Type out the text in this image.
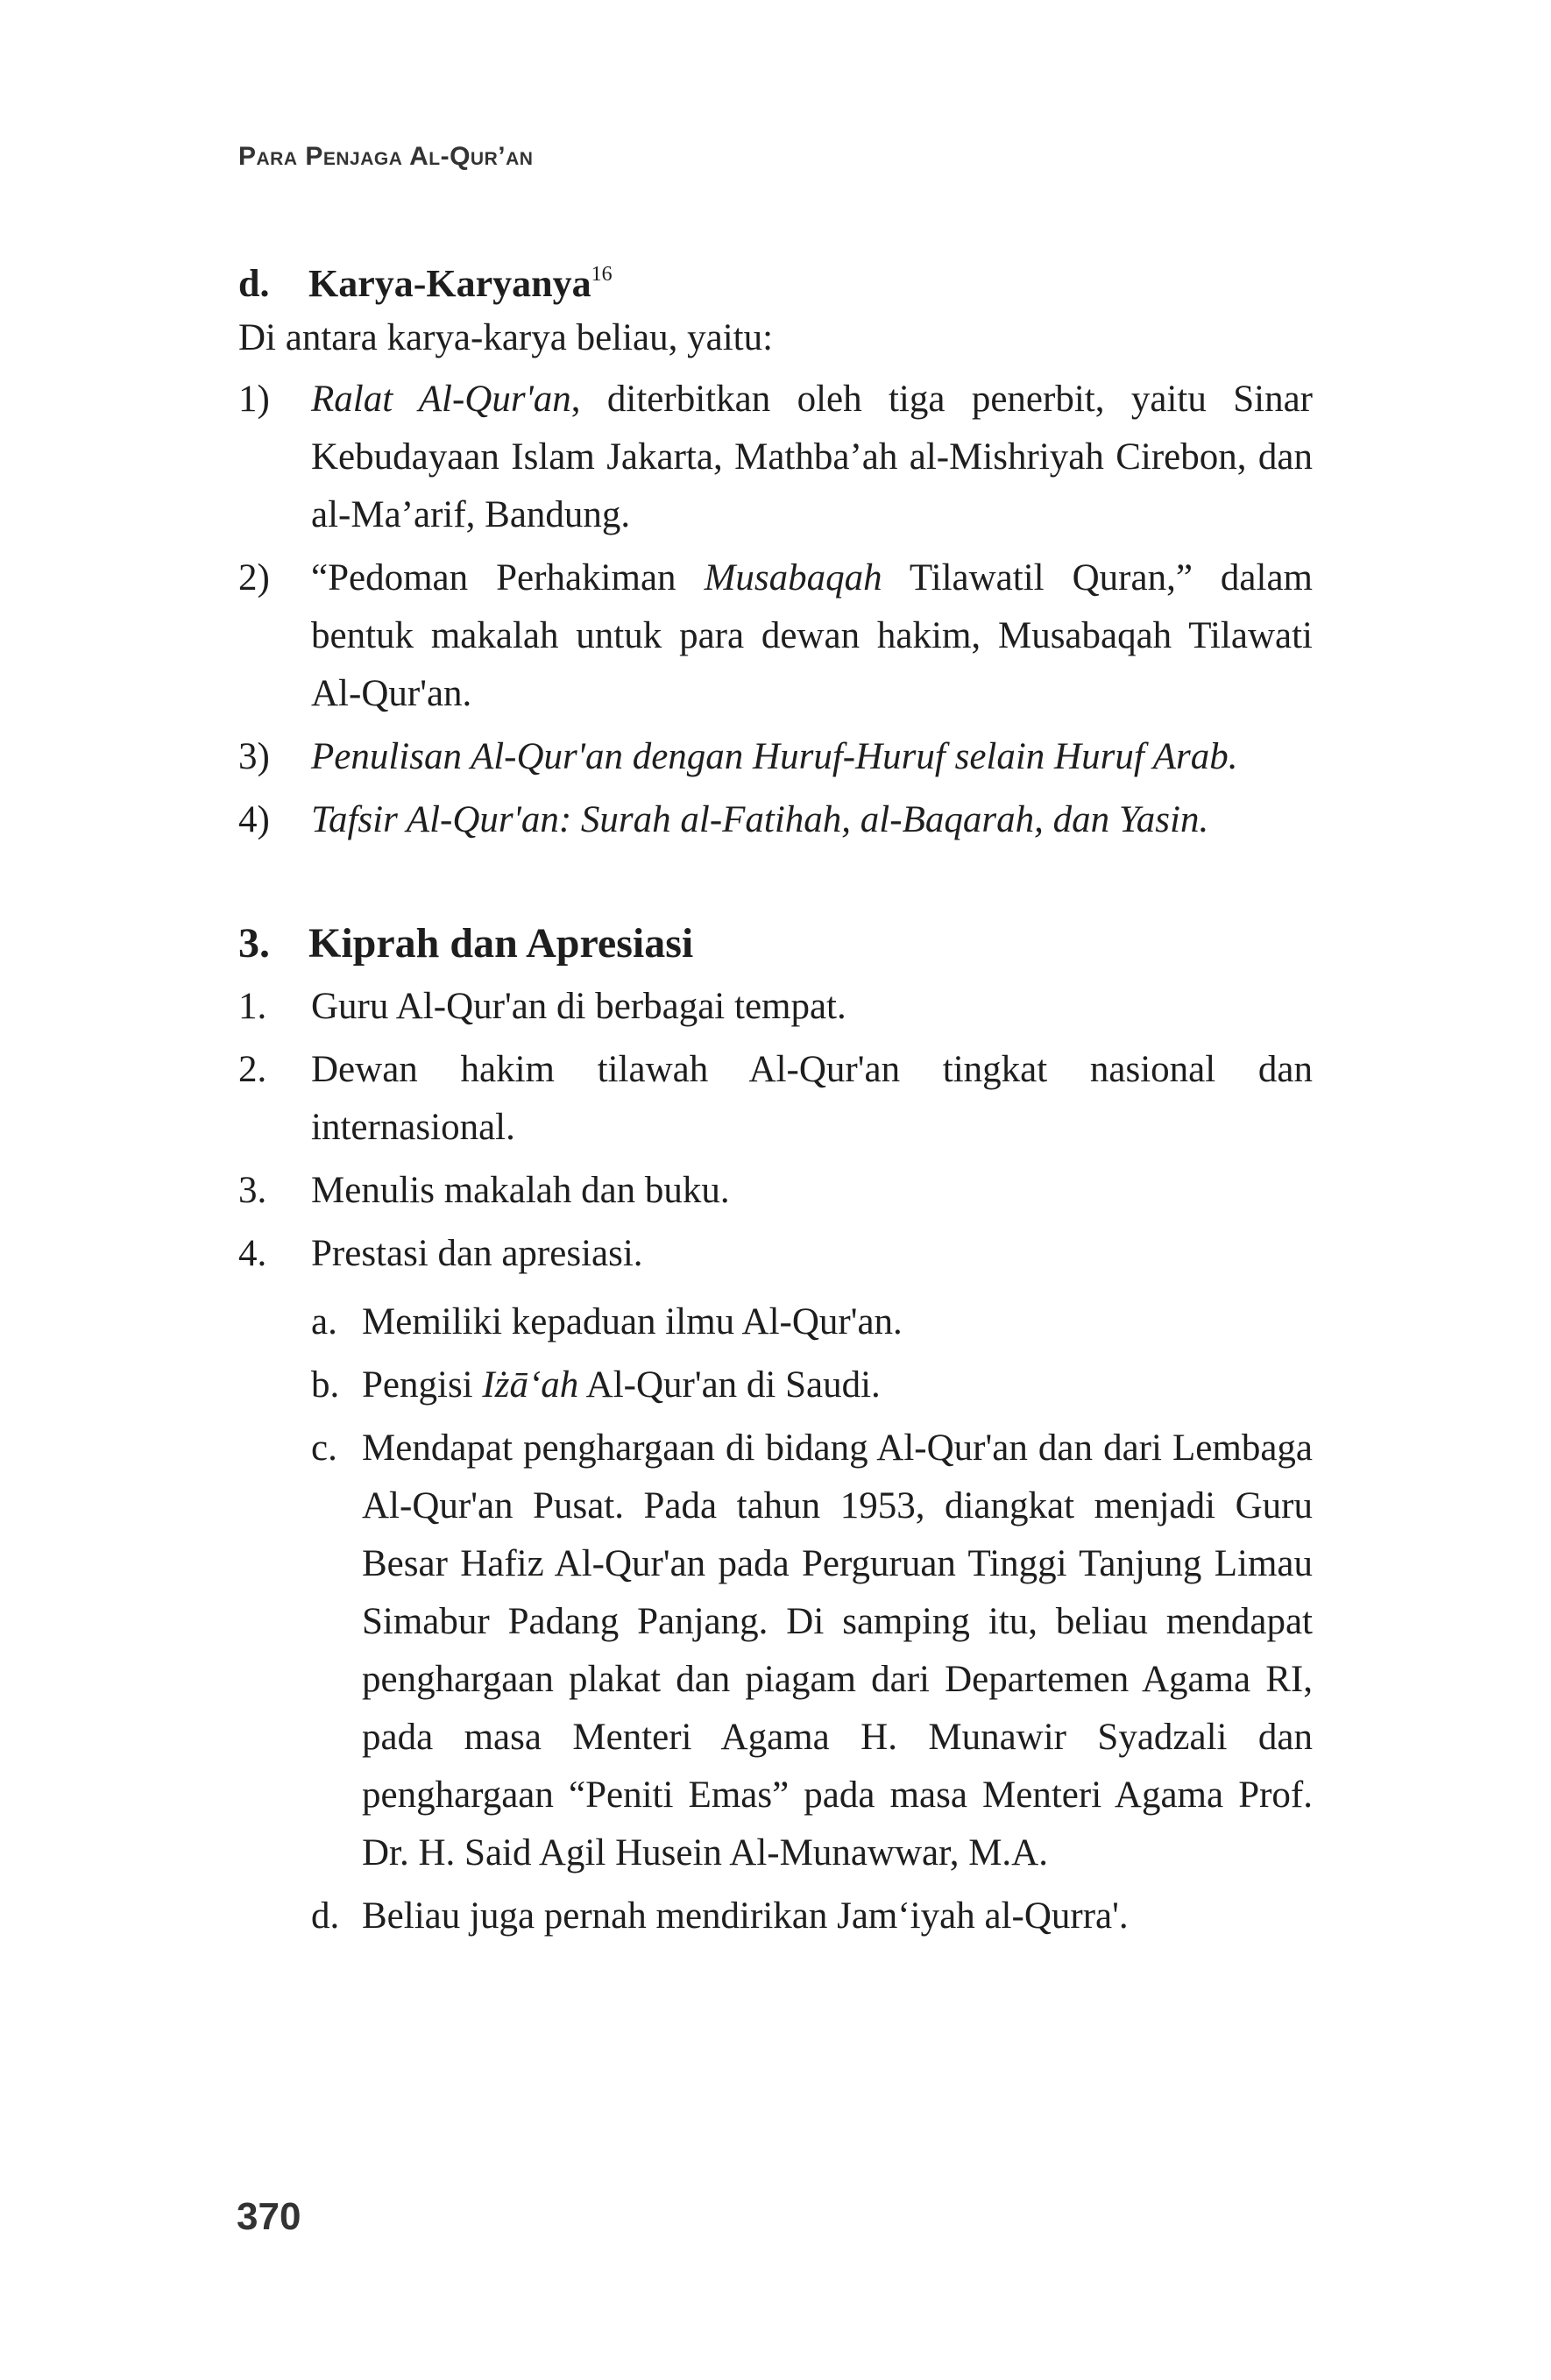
Para Penjaga Al-Qur’an
d. Karya-Karyanya$^{16}$
Di antara karya-karya beliau, yaitu:
1) Ralat Al-Qur'an, diterbitkan oleh tiga penerbit, yaitu Sinar Kebudayaan Islam Jakarta, Mathba’ah al-Mishriyah Cirebon, dan al-Ma’arif, Bandung.
2) “Pedoman Perhakiman Musabaqah Tilawatil Quran,” dalam bentuk makalah untuk para dewan hakim, Musabaqah Tilawati Al-Qur'an.
3) Penulisan Al-Qur'an dengan Huruf-Huruf selain Huruf Arab.
4) Tafsir Al-Qur'an: Surah al-Fatihah, al-Baqarah, dan Yasin.
3. Kiprah dan Apresiasi
1. Guru Al-Qur'an di berbagai tempat.
2. Dewan hakim tilawah Al-Qur'an tingkat nasional dan internasional.
3. Menulis makalah dan buku.
4. Prestasi dan apresiasi.
a. Memiliki kepaduan ilmu Al-Qur'an.
b. Pengisi Iżā‘ah Al-Qur'an di Saudi.
c. Mendapat penghargaan di bidang Al-Qur'an dan dari Lembaga Al-Qur'an Pusat. Pada tahun 1953, diangkat menjadi Guru Besar Hafiz Al-Qur'an pada Perguruan Tinggi Tanjung Limau Simabur Padang Panjang. Di samping itu, beliau mendapat penghargaan plakat dan piagam dari Departemen Agama RI, pada masa Menteri Agama H. Munawir Syadzali dan penghargaan “Peniti Emas” pada masa Menteri Agama Prof. Dr. H. Said Agil Husein Al-Munawwar, M.A.
d. Beliau juga pernah mendirikan Jam‘iyah al-Qurra'.
370
